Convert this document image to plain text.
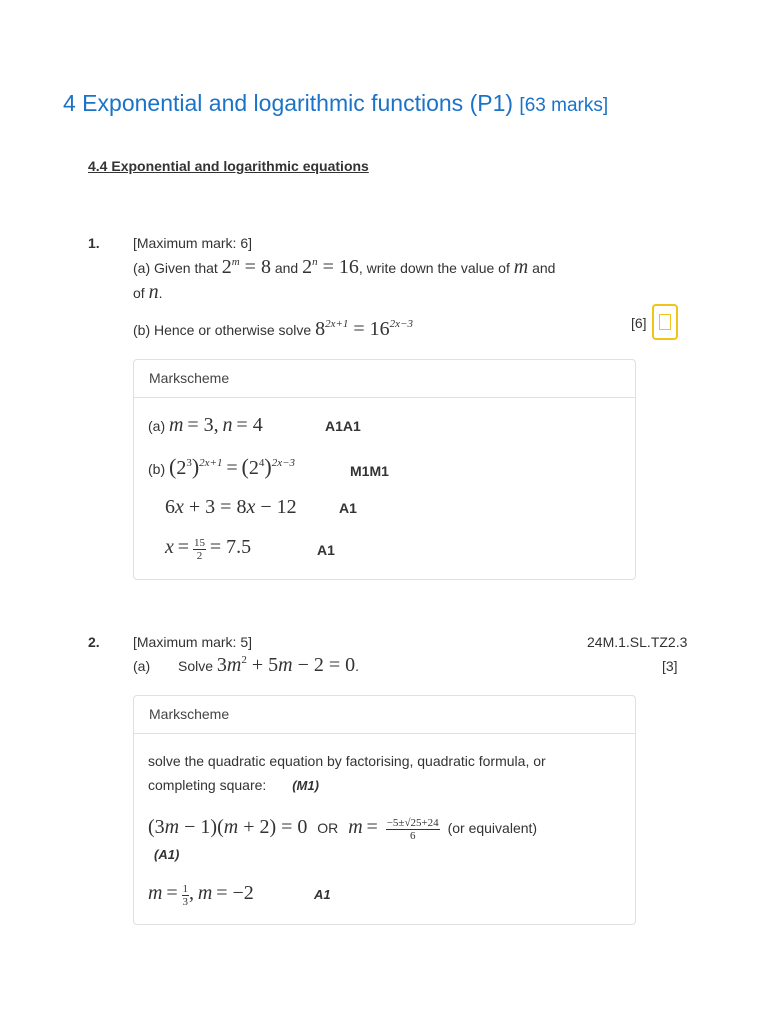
4 Exponential and logarithmic functions (P1) [63 marks]
4.4 Exponential and logarithmic equations
1. [Maximum mark: 6]
(a) Given that $2^m = 8$ and $2^n = 16$, write down the value of m and
of n.
(b) Hence or otherwise solve $8^{2x+1} = 16^{2x-3}$	[6]
Markscheme
(a) m = 3, n = 4	A1A1
(b) $(2^3)^{2x+1} = (2^4)^{2x-3}$	M1M1
6x + 3 = 8x − 12	A1
$x = \frac{15}{2} = 7.5$	A1
2. [Maximum mark: 5]	24M.1.SL.TZ2.3
(a) Solve $3m^2 + 5m - 2 = 0$.	[3]
Markscheme
solve the quadratic equation by factorising, quadratic formula, or
completing square: (M1)
(3m − 1)(m + 2) = 0 OR $m = \frac{-5\pm√25+24}{6} (or$ equivalent)
(A1)
$m = \frac{1}{3}$ , m = −2	A1
